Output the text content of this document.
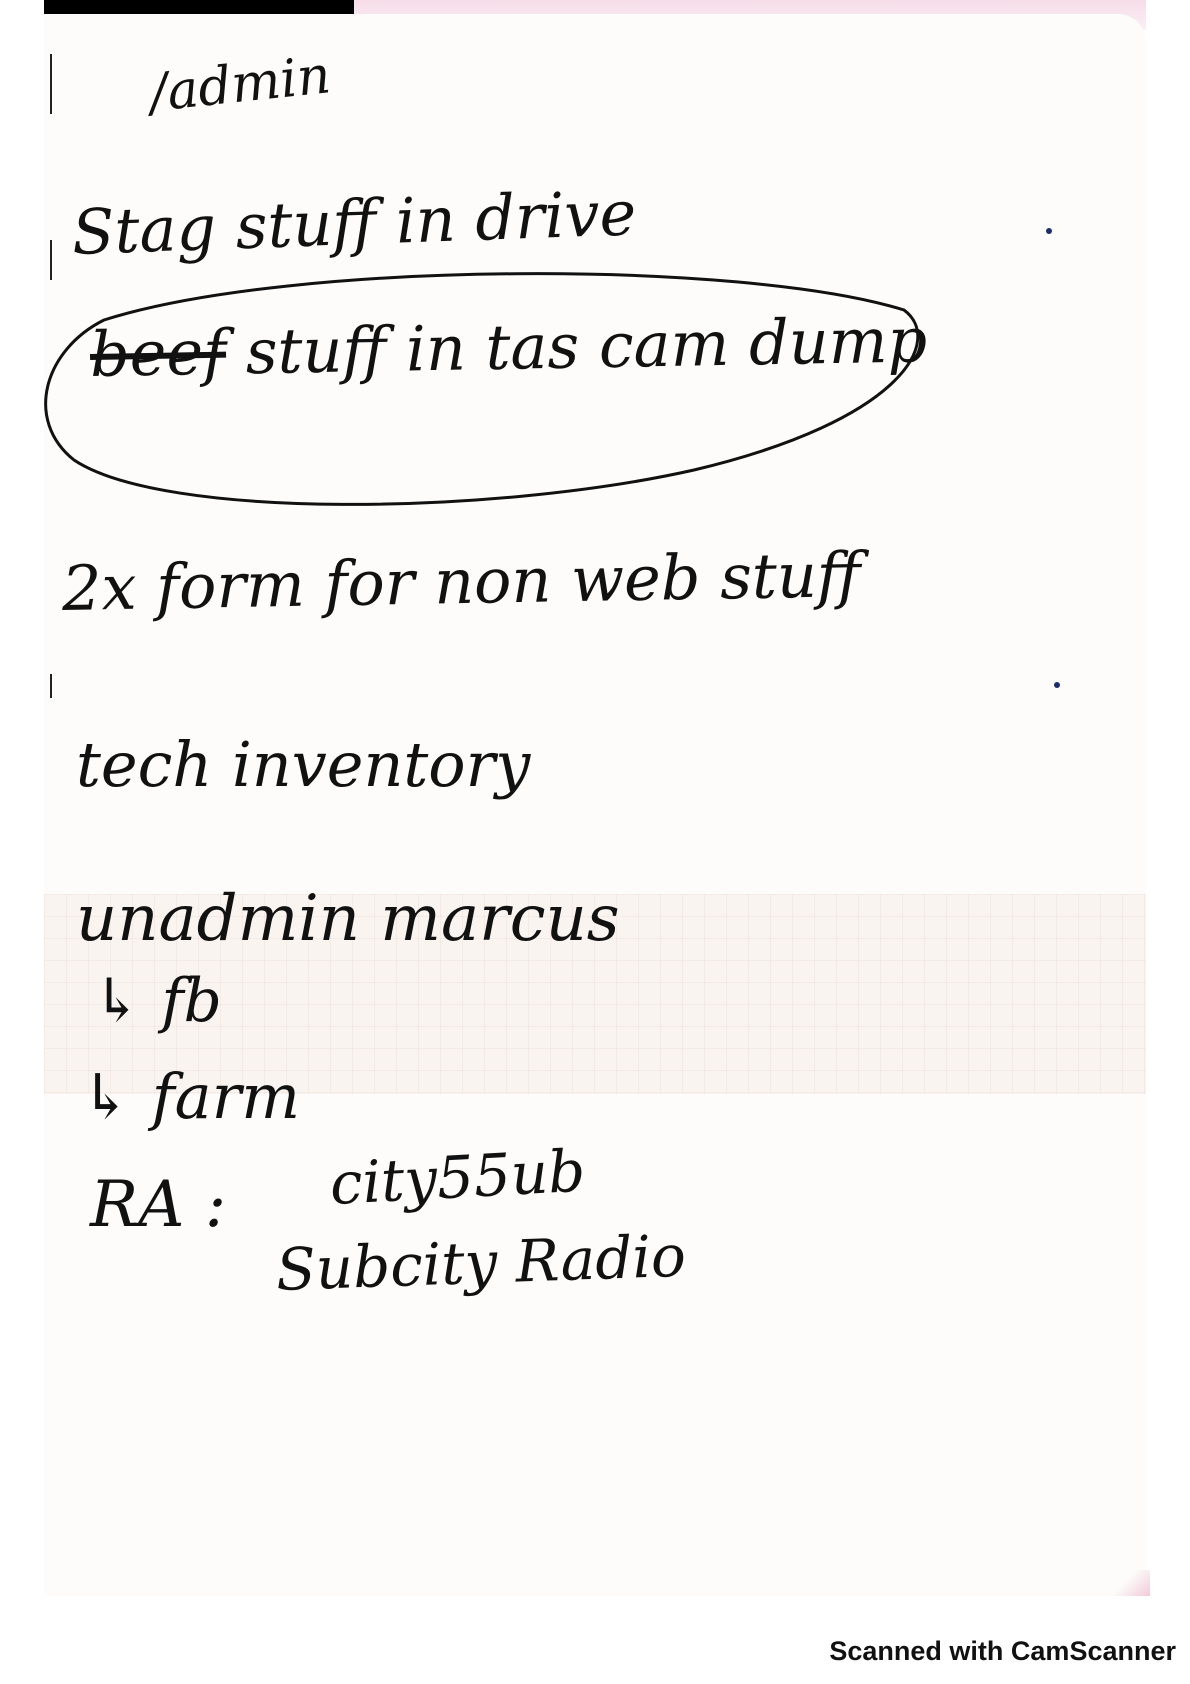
/admin

Stag stuff in drive

beef stuff in tas cam dump

2x form for non web stuff

tech inventory

unadmin marcus

↳ fb

↳ farm

RA : city55ub

Subcity Radio

Scanned with CamScanner
